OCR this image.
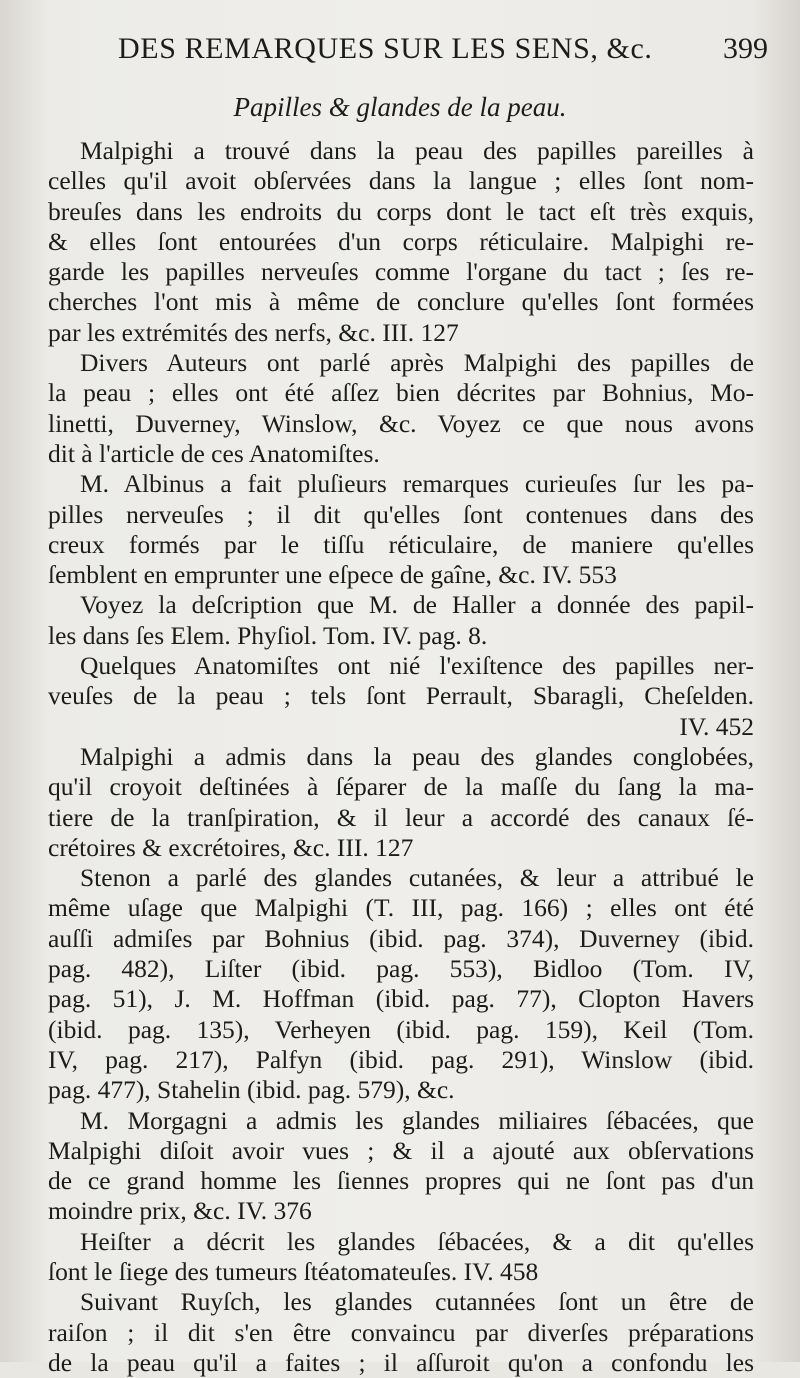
DES REMARQUES SUR LES SENS, &c. 399
Papilles & glandes de la peau.
Malpighi a trouvé dans la peau des papilles pareilles à
celles qu'il avoit obſervées dans la langue ; elles ſont nom-
breuſes dans les endroits du corps dont le tact eſt très exquis,
& elles ſont entourées d'un corps réticulaire. Malpighi re-
garde les papilles nerveuſes comme l'organe du tact ; ſes re-
cherches l'ont mis à même de conclure qu'elles ſont formées
par les extrémités des nerfs, &c. III. 127
Divers Auteurs ont parlé après Malpighi des papilles de
la peau ; elles ont été aſſez bien décrites par Bohnius, Mo-
linetti, Duverney, Winslow, &c. Voyez ce que nous avons
dit à l'article de ces Anatomiſtes.
M. Albinus a fait pluſieurs remarques curieuſes ſur les pa-
pilles nerveuſes ; il dit qu'elles ſont contenues dans des
creux formés par le tiſſu réticulaire, de maniere qu'elles
ſemblent en emprunter une eſpece de gaîne, &c. IV. 553
Voyez la deſcription que M. de Haller a donnée des papil-
les dans ſes Elem. Phyſiol. Tom. IV. pag. 8.
Quelques Anatomiſtes ont nié l'exiſtence des papilles ner-
veuſes de la peau ; tels ſont Perrault, Sbaragli, Cheſelden.
IV. 452
Malpighi a admis dans la peau des glandes conglobées,
qu'il croyoit deſtinées à ſéparer de la maſſe du ſang la ma-
tiere de la tranſpiration, & il leur a accordé des canaux ſé-
crétoires & excrétoires, &c. III. 127
Stenon a parlé des glandes cutanées, & leur a attribué le
même uſage que Malpighi (T. III, pag. 166) ; elles ont été
auſſi admiſes par Bohnius (ibid. pag. 374), Duverney (ibid.
pag. 482), Liſter (ibid. pag. 553), Bidloo (Tom. IV,
pag. 51), J. M. Hoffman (ibid. pag. 77), Clopton Havers
(ibid. pag. 135), Verheyen (ibid. pag. 159), Keil (Tom.
IV, pag. 217), Palfyn (ibid. pag. 291), Winslow (ibid.
pag. 477), Stahelin (ibid. pag. 579), &c.
M. Morgagni a admis les glandes miliaires ſébacées, que
Malpighi diſoit avoir vues ; & il a ajouté aux obſervations
de ce grand homme les ſiennes propres qui ne ſont pas d'un
moindre prix, &c. IV. 376
Heiſter a décrit les glandes ſébacées, & a dit qu'elles
ſont le ſiege des tumeurs ſtéatomateuſes. IV. 458
Suivant Ruyſch, les glandes cutannées ſont un être de
raiſon ; il dit s'en être convaincu par diverſes préparations
de la peau qu'il a faites ; il aſſuroit qu'on a confondu les
